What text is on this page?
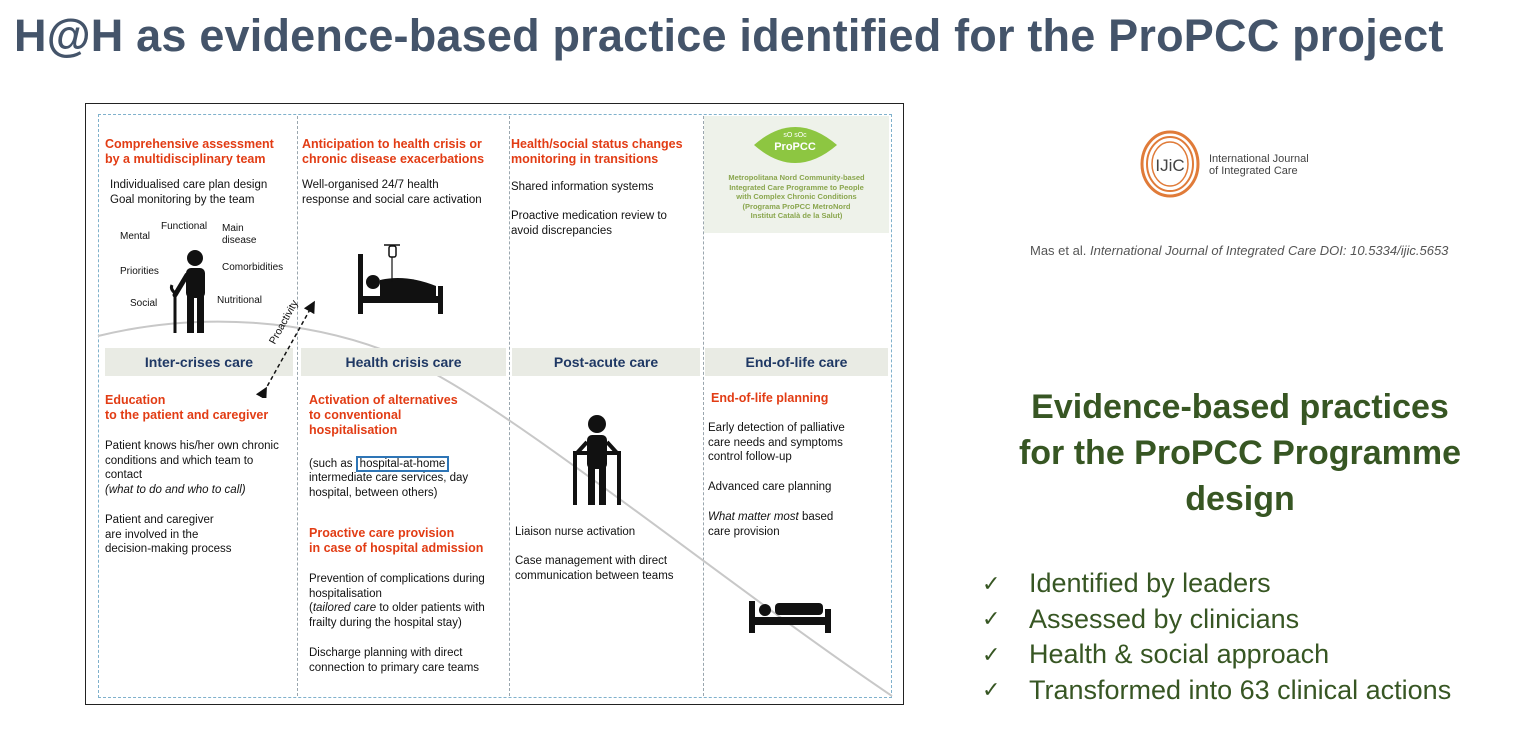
H@H as evidence-based practice identified for the ProPCC project
Comprehensive assessment
by a multidisciplinary team
Individualised care plan design
Goal monitoring by the team
Functional Main
disease
Mental
Comorbidities
Priorities
Nutritional
Social
Inter-crises care
Education
to the patient and caregiver
Patient knows his/her own chronic
conditions and which team to
contact
(what to do and who to call)
Patient and caregiver
are involved in the
decision-making process
Proactivity
Anticipation to health crisis or
chronic disease exacerbations
Well-organised 24/7 health
response and social care activation
Health crisis care
Activation of alternatives
to conventional
hospitalisation
(such as hospital-at-home
intermediate care services, day
hospital, between others)
Proactive care provision
in case of hospital admission
Prevention of complications during
hospitalisation
(tailored care to older patients with
frailty during the hospital stay)
Discharge planning with direct
connection to primary care teams
Health/social status changes
monitoring in transitions
Shared information systems
Proactive medication review to
avoid discrepancies
Post-acute care
Liaison nurse activation
Case management with direct
communication between teams
sO sOc
ProPCC
Metropolitana Nord Community-based
Integrated Care Programme to People
with Complex Chronic Conditions
(Programa ProPCC MetroNord
Institut Català de la Salut)
End-of-life care
End-of-life planning
Early detection of palliative
care needs and symptoms
control follow-up
Advanced care planning
What matter most based
care provision
IJiC International Journal
of Integrated Care
Mas et al. International Journal of Integrated Care DOI: 10.5334/ijic.5653
Evidence-based practices
for the ProPCC Programme
design
✓	Identified by leaders
✓	Assessed by clinicians
✓	Health & social approach
✓	Transformed into 63 clinical actions
